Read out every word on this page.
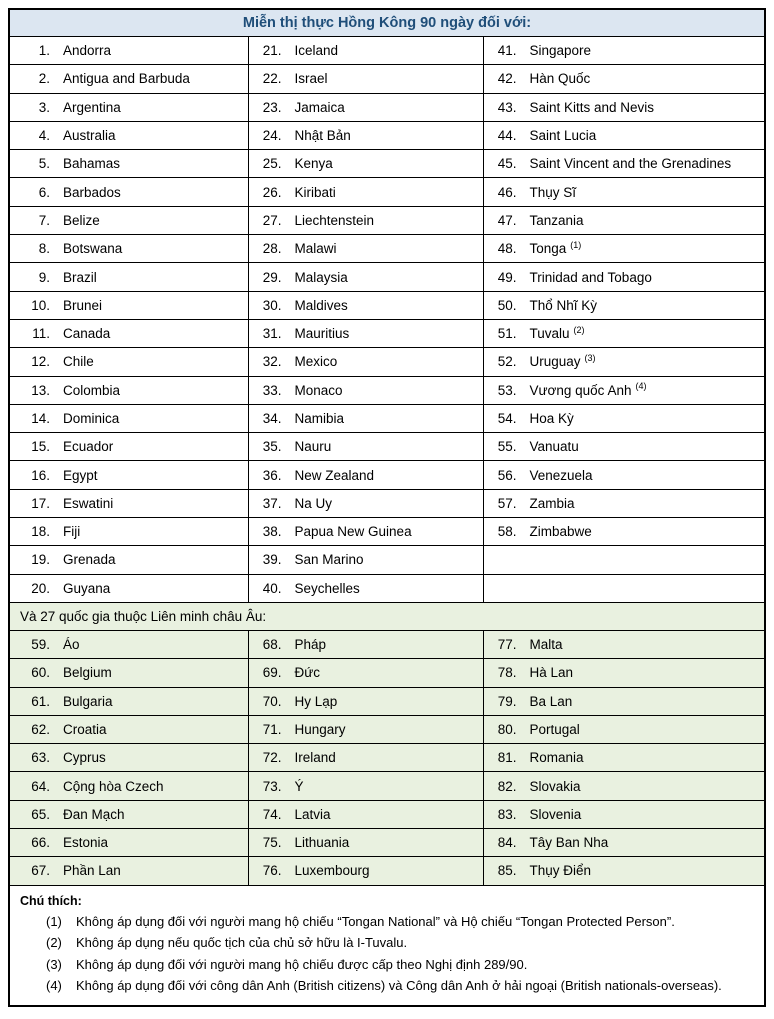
Miễn thị thực Hồng Kông 90 ngày đối với:
1. Andorra	21. Iceland	41. Singapore
2. Antigua and Barbuda	22. Israel	42. Hàn Quốc
3. Argentina	23. Jamaica	43. Saint Kitts and Nevis
4. Australia	24. Nhật Bản	44. Saint Lucia
5. Bahamas	25. Kenya	45. Saint Vincent and the Grenadines
6. Barbados	26. Kiribati	46. Thụy Sĩ
7. Belize	27. Liechtenstein	47. Tanzania
8. Botswana	28. Malawi	48. Tonga $^{(1)}$
9. Brazil	29. Malaysia	49. Trinidad and Tobago
10. Brunei	30. Maldives	50. Thổ Nhĩ Kỳ
11. Canada	31. Mauritius	51. Tuvalu $^{(2)}$
12. Chile	32. Mexico	52. Uruguay $^{(3)}$
13. Colombia	33. Monaco	53. Vương quốc Anh $^{(4)}$
14. Dominica	34. Namibia	54. Hoa Kỳ
15. Ecuador	35. Nauru	55. Vanuatu
16. Egypt	36. New Zealand	56. Venezuela
17. Eswatini	37. Na Uy	57. Zambia
18. Fiji	38. Papua New Guinea	58. Zimbabwe
19. Grenada	39. San Marino	
20. Guyana	40. Seychelles	
Và 27 quốc gia thuộc Liên minh châu Âu:
59. Áo	68. Pháp	77. Malta
60. Belgium	69. Đức	78. Hà Lan
61. Bulgaria	70. Hy Lạp	79. Ba Lan
62. Croatia	71. Hungary	80. Portugal
63. Cyprus	72. Ireland	81. Romania
64. Cộng hòa Czech	73. Ý	82. Slovakia
65. Đan Mạch	74. Latvia	83. Slovenia
66. Estonia	75. Lithuania	84. Tây Ban Nha
67. Phần Lan	76. Luxembourg	85. Thụy Điển
Chú thích:
(1)	Không áp dụng đối với người mang hộ chiếu “Tongan National” và Hộ chiếu “Tongan Protected Person”.
(2)	Không áp dụng nếu quốc tịch của chủ sở hữu là I-Tuvalu.
(3)	Không áp dụng đối với người mang hộ chiếu được cấp theo Nghị định 289/90.
(4)	Không áp dụng đối với công dân Anh (British citizens) và Công dân Anh ở hải ngoại (British nationals-overseas).
